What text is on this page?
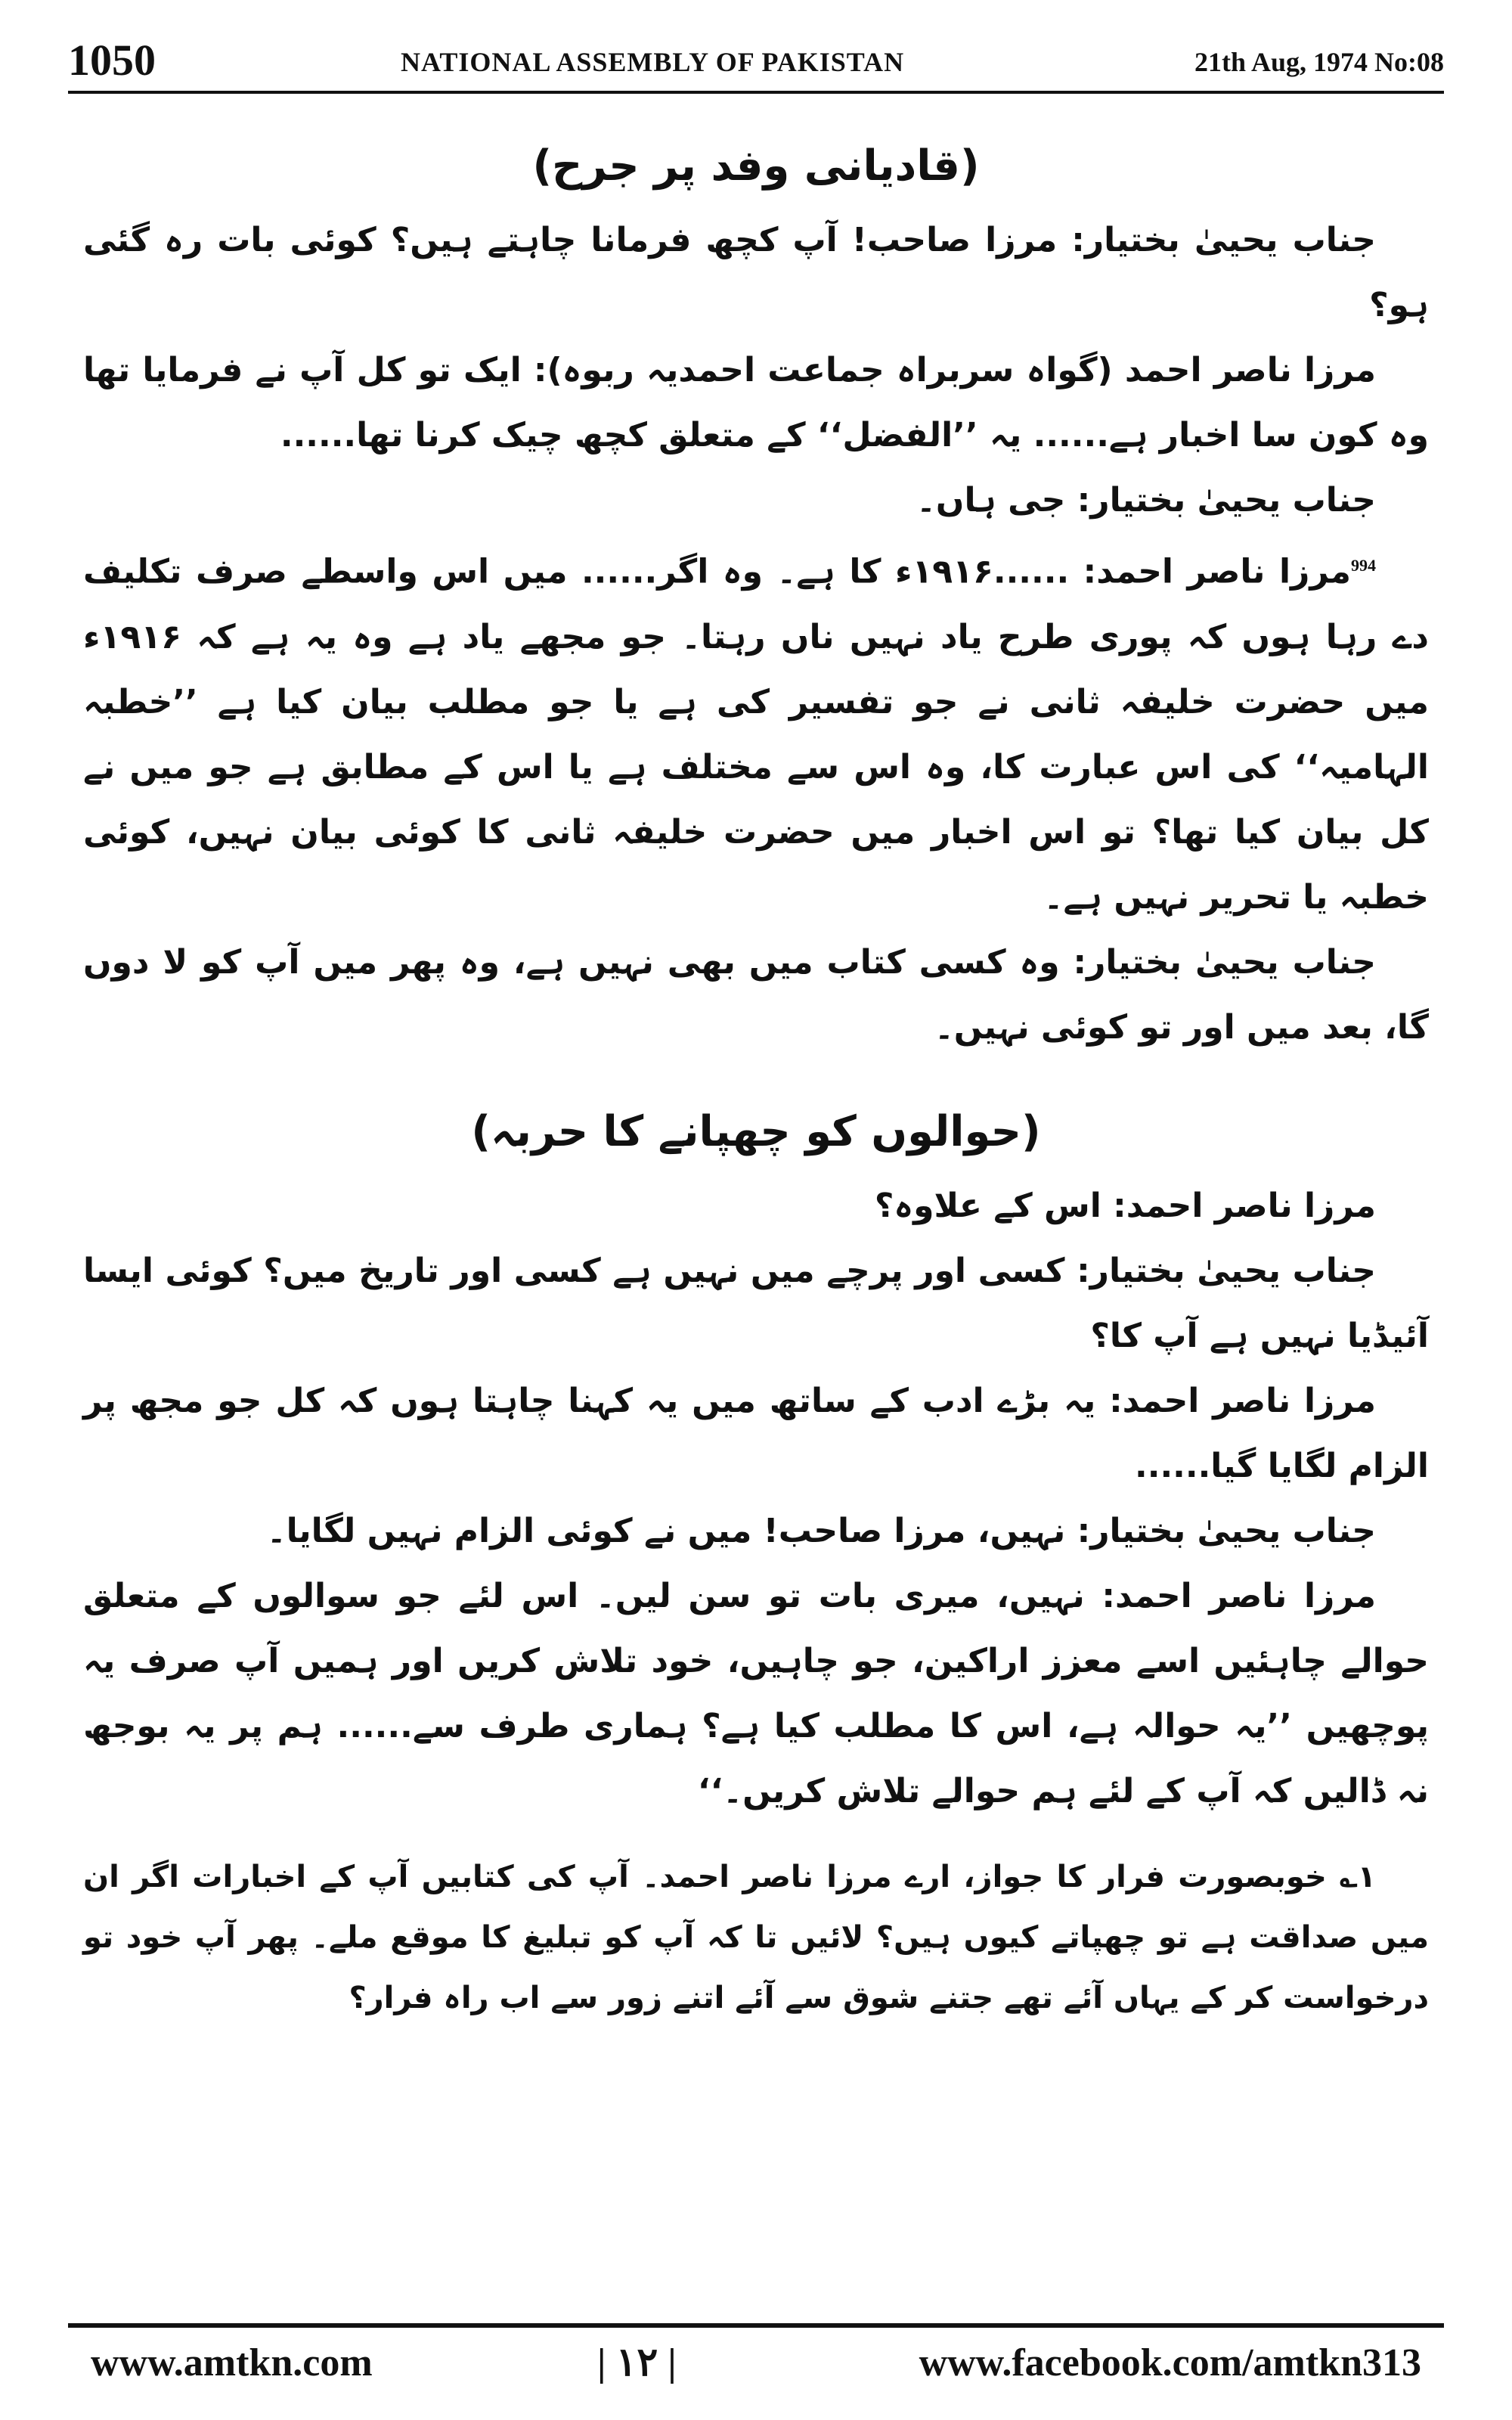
1050	NATIONAL ASSEMBLY OF PAKISTAN	21th Aug, 1974 No:08

(قادیانی وفد پر جرح)

جناب یحییٰ بختیار: مرزا صاحب! آپ کچھ فرمانا چاہتے ہیں؟ کوئی بات رہ گئی ہو؟

مرزا ناصر احمد (گواہ سربراہ جماعت احمدیہ ربوہ): ایک تو کل آپ نے فرمایا تھا وہ کون سا اخبار ہے...... یہ ’’الفضل‘‘ کے متعلق کچھ چیک کرنا تھا......

جناب یحییٰ بختیار: جی ہاں۔

$^{994}$مرزا ناصر احمد: ......۱۹۱۶ء کا ہے۔ وہ اگر...... میں اس واسطے صرف تکلیف دے رہا ہوں کہ پوری طرح یاد نہیں ناں رہتا۔ جو مجھے یاد ہے وہ یہ ہے کہ ۱۹۱۶ء میں حضرت خلیفہ ثانی نے جو تفسیر کی ہے یا جو مطلب بیان کیا ہے ’’خطبہ الہامیہ‘‘ کی اس عبارت کا، وہ اس سے مختلف ہے یا اس کے مطابق ہے جو میں نے کل بیان کیا تھا؟ تو اس اخبار میں حضرت خلیفہ ثانی کا کوئی بیان نہیں، کوئی خطبہ یا تحریر نہیں ہے۔

جناب یحییٰ بختیار: وہ کسی کتاب میں بھی نہیں ہے، وہ پھر میں آپ کو لا دوں گا، بعد میں اور تو کوئی نہیں۔

(حوالوں کو چھپانے کا حربہ)

مرزا ناصر احمد: اس کے علاوہ؟

جناب یحییٰ بختیار: کسی اور پرچے میں نہیں ہے کسی اور تاریخ میں؟ کوئی ایسا آئیڈیا نہیں ہے آپ کا؟

مرزا ناصر احمد: یہ بڑے ادب کے ساتھ میں یہ کہنا چاہتا ہوں کہ کل جو مجھ پر الزام لگایا گیا......

جناب یحییٰ بختیار: نہیں، مرزا صاحب! میں نے کوئی الزام نہیں لگایا۔

مرزا ناصر احمد: نہیں، میری بات تو سن لیں۔ اس لئے جو سوالوں کے متعلق حوالے چاہئیں اسے معزز اراکین، جو چاہیں، خود تلاش کریں اور ہمیں آپ صرف یہ پوچھیں ’’یہ حوالہ ہے، اس کا مطلب کیا ہے؟ ہماری طرف سے...... ہم پر یہ بوجھ نہ ڈالیں کہ آپ کے لئے ہم حوالے تلاش کریں۔‘‘

۱؎ خوبصورت فرار کا جواز، ارے مرزا ناصر احمد۔ آپ کی کتابیں آپ کے اخبارات اگر ان میں صداقت ہے تو چھپاتے کیوں ہیں؟ لائیں تا کہ آپ کو تبلیغ کا موقع ملے۔ پھر آپ خود تو درخواست کر کے یہاں آئے تھے جتنے شوق سے آئے اتنے زور سے اب راہ فرار؟

www.amtkn.com	| ۱۲ |	www.facebook.com/amtkn313
